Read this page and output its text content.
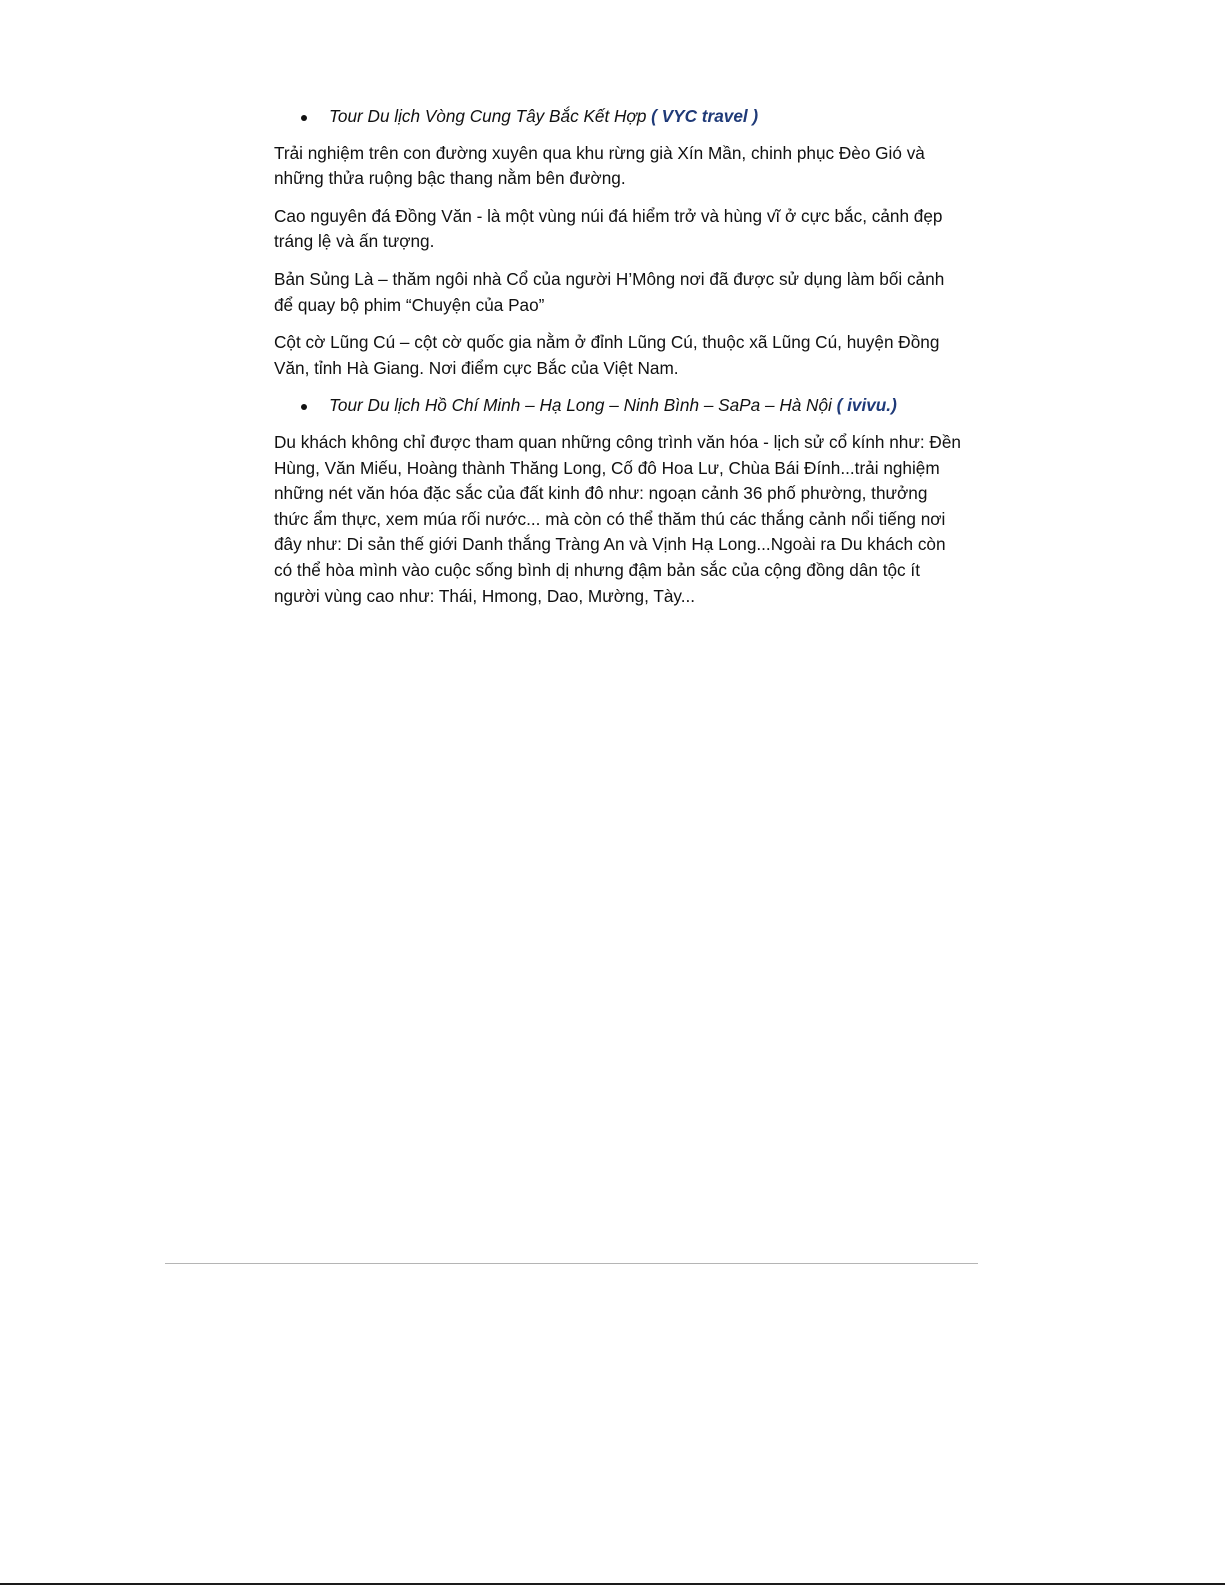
Tour Du lịch Vòng Cung Tây Bắc Kết Hợp ( VYC travel )

Trải nghiệm trên con đường xuyên qua khu rừng già Xín Mần, chinh phục Đèo Gió và những thửa ruộng bậc thang nằm bên đường.

Cao nguyên đá Đồng Văn - là một vùng núi đá hiểm trở và hùng vĩ ở cực bắc, cảnh đẹp tráng lệ và ấn tượng.

Bản Sủng Là – thăm ngôi nhà Cổ của người H’Mông nơi đã được sử dụng làm bối cảnh để quay bộ phim “Chuyện của Pao”

Cột cờ Lũng Cú – cột cờ quốc gia nằm ở đỉnh Lũng Cú, thuộc xã Lũng Cú, huyện Đồng Văn, tỉnh Hà Giang. Nơi điểm cực Bắc của Việt Nam.

Tour Du lịch Hồ Chí Minh – Hạ Long – Ninh Bình – SaPa – Hà Nội ( ivivu.)

Du khách không chỉ được tham quan những công trình văn hóa - lịch sử cổ kính như: Đền Hùng, Văn Miếu, Hoàng thành Thăng Long, Cố đô Hoa Lư, Chùa Bái Đính...trải nghiệm những nét văn hóa đặc sắc của đất kinh đô như: ngoạn cảnh 36 phố phường, thưởng thức ẩm thực, xem múa rối nước... mà còn có thể thăm thú các thắng cảnh nổi tiếng nơi đây như: Di sản thế giới Danh thắng Tràng An và Vịnh Hạ Long...Ngoài ra Du khách còn có thể hòa mình vào cuộc sống bình dị nhưng đậm bản sắc của cộng đồng dân tộc ít người vùng cao như: Thái, Hmong, Dao, Mường, Tày...
